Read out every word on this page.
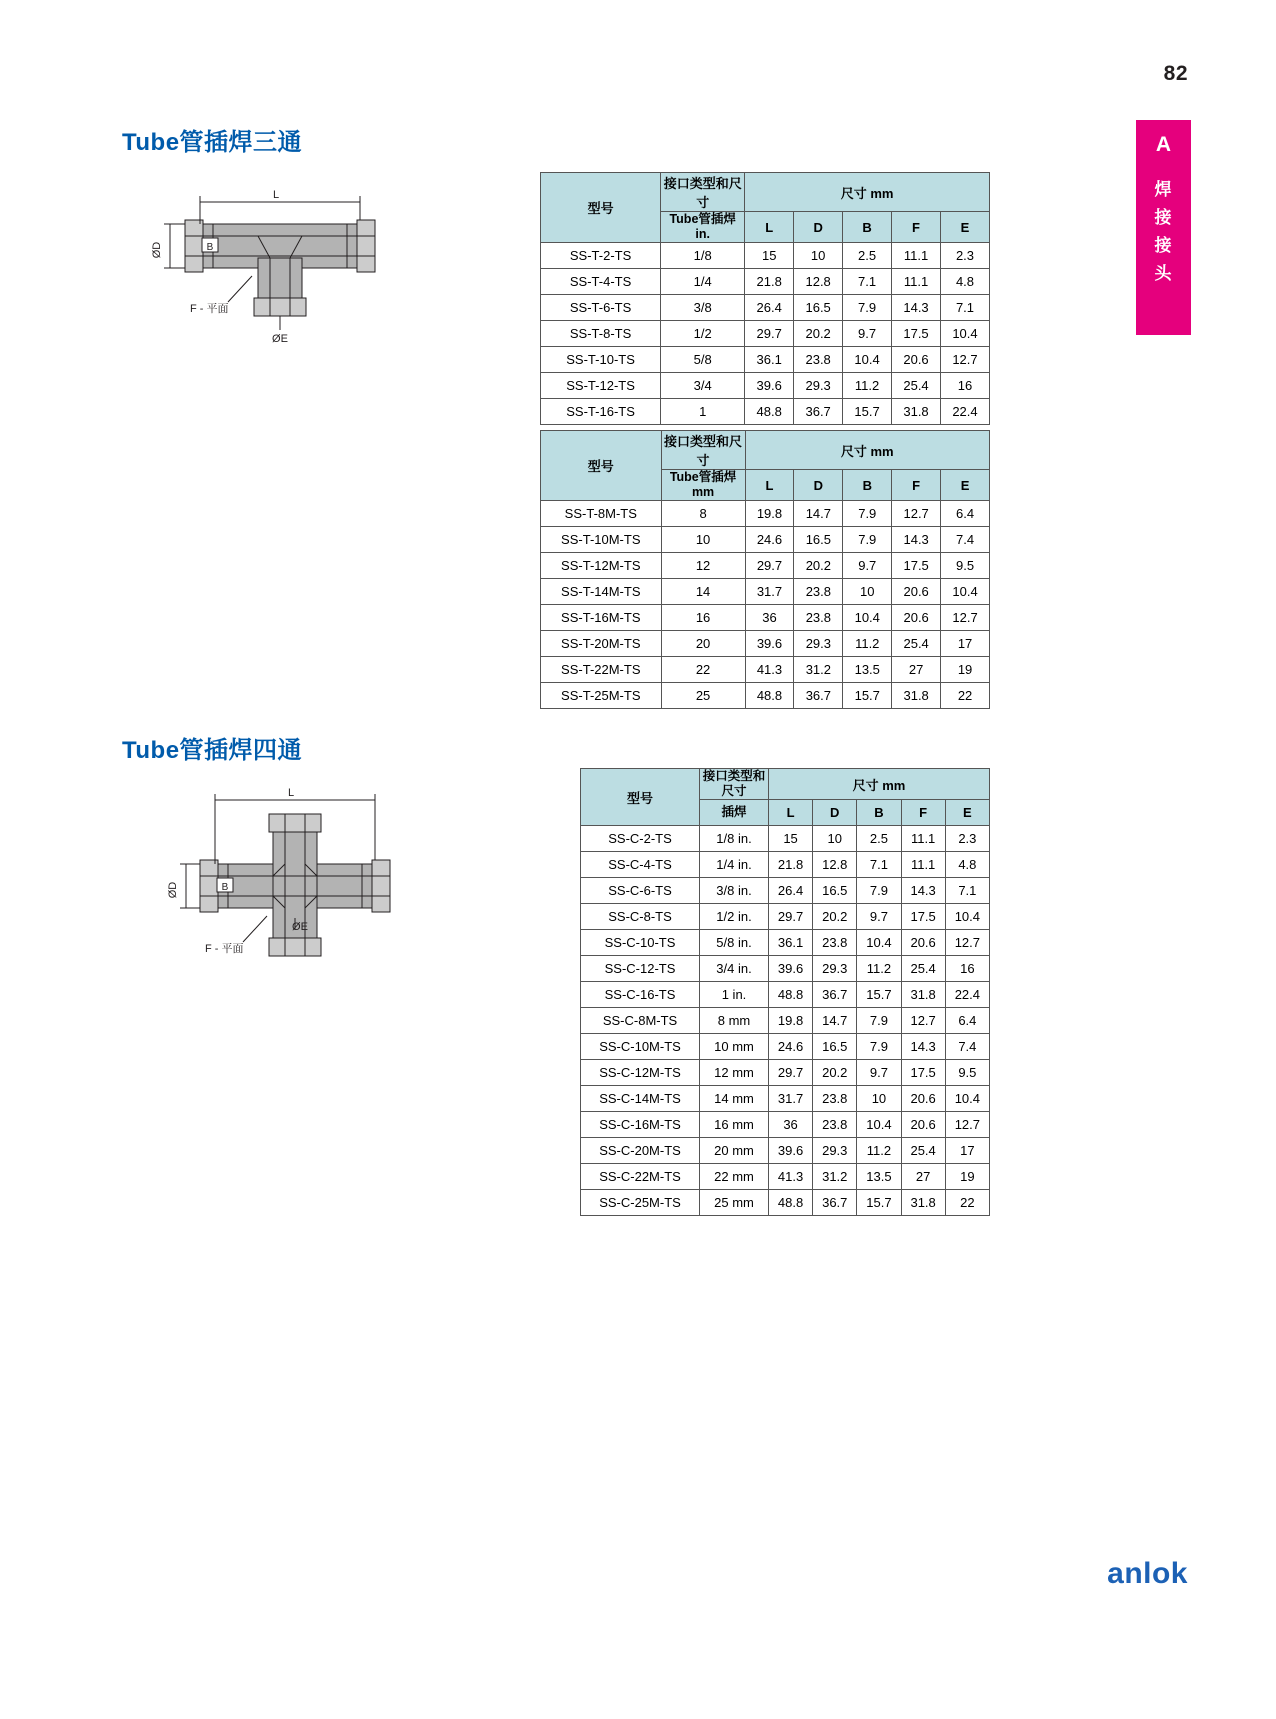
82
A
焊
接
接
头
Tube管插焊三通
L
ØD	B
F - 平面
ØE
型号	接口类型和尺寸	尺寸 mm				
	Tube管插焊
in.	L	D	B	F	E
SS-T-2-TS	1/8	15	10	2.5	11.1	2.3
SS-T-4-TS	1/4	21.8	12.8	7.1	11.1	4.8
SS-T-6-TS	3/8	26.4	16.5	7.9	14.3	7.1
SS-T-8-TS	1/2	29.7	20.2	9.7	17.5	10.4
SS-T-10-TS	5/8	36.1	23.8	10.4	20.6	12.7
SS-T-12-TS	3/4	39.6	29.3	11.2	25.4	16
SS-T-16-TS	1	48.8	36.7	15.7	31.8	22.4
型号	接口类型和尺寸	尺寸 mm				
	Tube管插焊
mm	L	D	B	F	E
SS-T-8M-TS	8	19.8	14.7	7.9	12.7	6.4
SS-T-10M-TS	10	24.6	16.5	7.9	14.3	7.4
SS-T-12M-TS	12	29.7	20.2	9.7	17.5	9.5
SS-T-14M-TS	14	31.7	23.8	10	20.6	10.4
SS-T-16M-TS	16	36	23.8	10.4	20.6	12.7
SS-T-20M-TS	20	39.6	29.3	11.2	25.4	17
SS-T-22M-TS	22	41.3	31.2	13.5	27	19
SS-T-25M-TS	25	48.8	36.7	15.7	31.8	22
Tube管插焊四通
L
ØD	B
F - 平面
ØE
型号	接口类型和尺寸	尺寸 mm				
	插焊	L	D	B	F	E
SS-C-2-TS	1/8 in.	15	10	2.5	11.1	2.3
SS-C-4-TS	1/4 in.	21.8	12.8	7.1	11.1	4.8
SS-C-6-TS	3/8 in.	26.4	16.5	7.9	14.3	7.1
SS-C-8-TS	1/2 in.	29.7	20.2	9.7	17.5	10.4
SS-C-10-TS	5/8 in.	36.1	23.8	10.4	20.6	12.7
SS-C-12-TS	3/4 in.	39.6	29.3	11.2	25.4	16
SS-C-16-TS	1 in.	48.8	36.7	15.7	31.8	22.4
SS-C-8M-TS	8 mm	19.8	14.7	7.9	12.7	6.4
SS-C-10M-TS	10 mm	24.6	16.5	7.9	14.3	7.4
SS-C-12M-TS	12 mm	29.7	20.2	9.7	17.5	9.5
SS-C-14M-TS	14 mm	31.7	23.8	10	20.6	10.4
SS-C-16M-TS	16 mm	36	23.8	10.4	20.6	12.7
SS-C-20M-TS	20 mm	39.6	29.3	11.2	25.4	17
SS-C-22M-TS	22 mm	41.3	31.2	13.5	27	19
SS-C-25M-TS	25 mm	48.8	36.7	15.7	31.8	22
anlok
